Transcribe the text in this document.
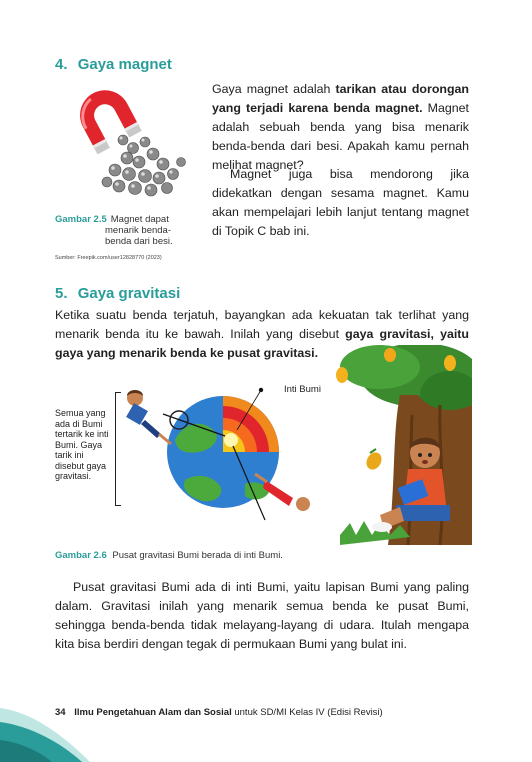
4. Gaya magnet
Gambar 2.5 Magnet dapat menarik benda-benda dari besi.
Sumber: Freepik.com/user12828770 (2023)
Gaya magnet adalah tarikan atau dorongan yang terjadi karena benda magnet. Magnet adalah sebuah benda yang bisa menarik benda-benda dari besi. Apakah kamu pernah melihat magnet?
Magnet juga bisa mendorong jika didekatkan dengan sesama magnet. Kamu akan mempelajari lebih lanjut tentang magnet di Topik C bab ini.
5. Gaya gravitasi
Ketika suatu benda terjatuh, bayangkan ada kekuatan tak terlihat yang menarik benda itu ke bawah. Inilah yang disebut gaya gravitasi, yaitu gaya yang menarik benda ke pusat gravitasi.
Inti Bumi
Semua yang ada di Bumi tertarik ke inti Bumi. Gaya tarik ini disebut gaya gravitasi.
Gambar 2.6 Pusat gravitasi Bumi berada di inti Bumi.
Pusat gravitasi Bumi ada di inti Bumi, yaitu lapisan Bumi yang paling dalam. Gravitasi inilah yang menarik semua benda ke pusat Bumi, sehingga benda-benda tidak melayang-layang di udara. Itulah mengapa kita bisa berdiri dengan tegak di permukaan Bumi yang bulat ini.
34 Ilmu Pengetahuan Alam dan Sosial untuk SD/MI Kelas IV (Edisi Revisi)
